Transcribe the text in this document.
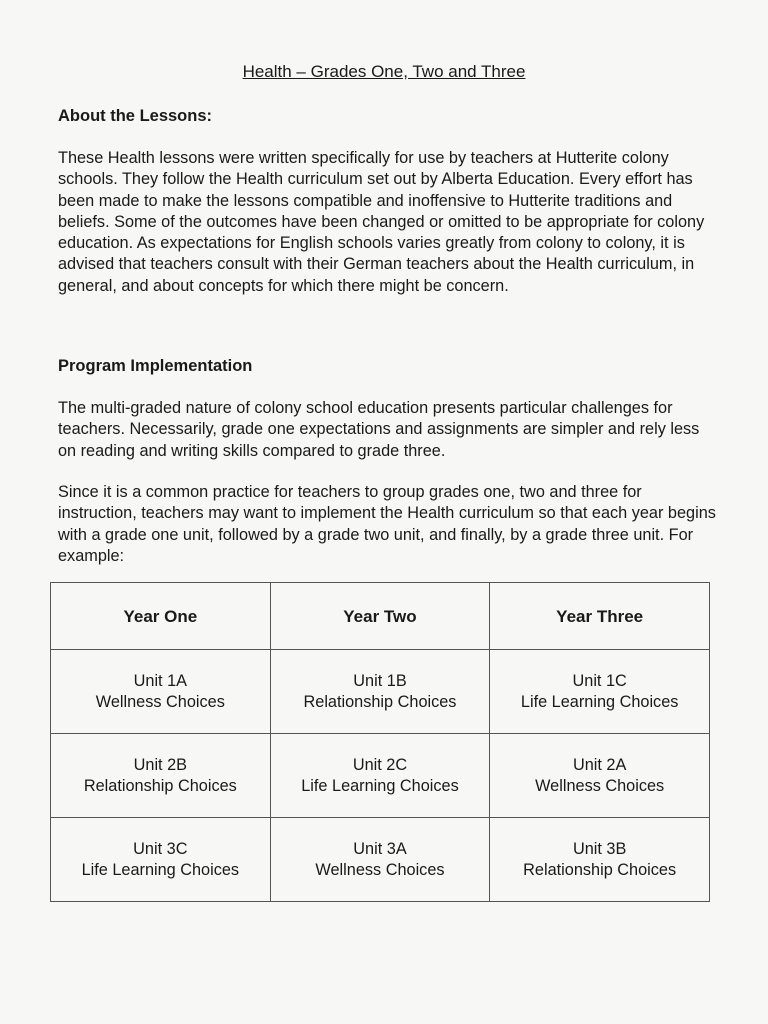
Health – Grades One, Two and Three
About the Lessons:

These Health lessons were written specifically for use by teachers at Hutterite colony schools. They follow the Health curriculum set out by Alberta Education. Every effort has been made to make the lessons compatible and inoffensive to Hutterite traditions and beliefs. Some of the outcomes have been changed or omitted to be appropriate for colony education. As expectations for English schools varies greatly from colony to colony, it is advised that teachers consult with their German teachers about the Health curriculum, in general, and about concepts for which there might be concern.

Program Implementation

The multi-graded nature of colony school education presents particular challenges for teachers. Necessarily, grade one expectations and assignments are simpler and rely less on reading and writing skills compared to grade three.

Since it is a common practice for teachers to group grades one, two and three for instruction, teachers may want to implement the Health curriculum so that each year begins with a grade one unit, followed by a grade two unit, and finally, by a grade three unit. For example:

Year One	Year Two	Year Three

Unit 1A
Wellness Choices	Unit 1B
Relationship Choices	Unit 1C
Life Learning Choices

Unit 2B
Relationship Choices	Unit 2C
Life Learning Choices	Unit 2A
Wellness Choices

Unit 3C
Life Learning Choices	Unit 3A
Wellness Choices	Unit 3B
Relationship Choices
